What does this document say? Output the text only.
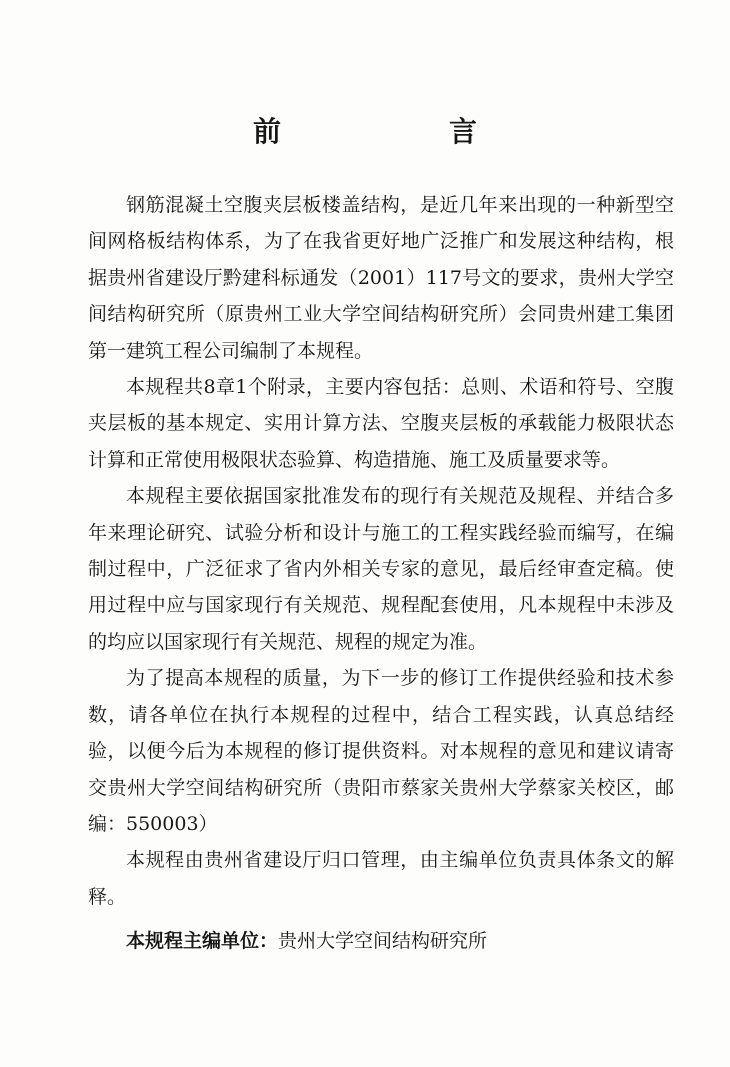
前　言

钢筋混凝土空腹夹层板楼盖结构，是近几年来出现的一种新型空间网格板结构体系，为了在我省更好地广泛推广和发展这种结构，根据贵州省建设厅黔建科标通发（2001）117号文的要求，贵州大学空间结构研究所（原贵州工业大学空间结构研究所）会同贵州建工集团第一建筑工程公司编制了本规程。

本规程共8章1个附录，主要内容包括：总则、术语和符号、空腹夹层板的基本规定、实用计算方法、空腹夹层板的承载能力极限状态计算和正常使用极限状态验算、构造措施、施工及质量要求等。

本规程主要依据国家批准发布的现行有关规范及规程、并结合多年来理论研究、试验分析和设计与施工的工程实践经验而编写，在编制过程中，广泛征求了省内外相关专家的意见，最后经审查定稿。使用过程中应与国家现行有关规范、规程配套使用，凡本规程中未涉及的均应以国家现行有关规范、规程的规定为准。

为了提高本规程的质量，为下一步的修订工作提供经验和技术参数，请各单位在执行本规程的过程中，结合工程实践，认真总结经验，以便今后为本规程的修订提供资料。对本规程的意见和建议请寄交贵州大学空间结构研究所（贵阳市蔡家关贵州大学蔡家关校区，邮编：550003）

本规程由贵州省建设厅归口管理，由主编单位负责具体条文的解释。

本规程主编单位：贵州大学空间结构研究所
